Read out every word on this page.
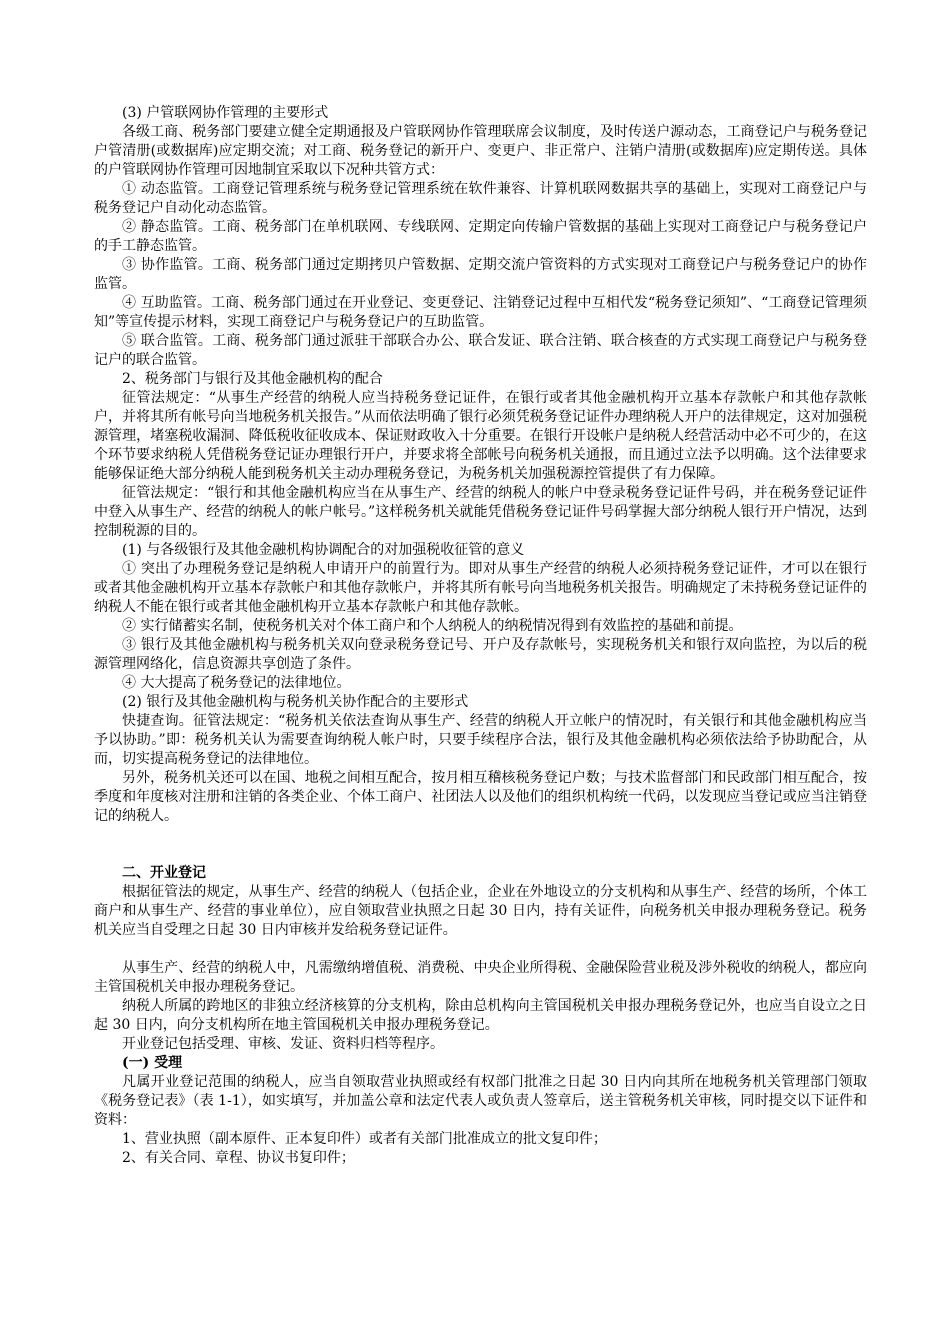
(3) 户管联网协作管理的主要形式

各级工商、税务部门要建立健全定期通报及户管联网协作管理联席会议制度，及时传送户源动态，工商登记户与税务登记户管清册(或数据库)应定期交流；对工商、税务登记的新开户、变更户、非正常户、注销户清册(或数据库)应定期传送。具体的户管联网协作管理可因地制宜采取以下况种共管方式：

① 动态监管。工商登记管理系统与税务登记管理系统在软件兼容、计算机联网数据共享的基础上，实现对工商登记户与税务登记户自动化动态监管。

② 静态监管。工商、税务部门在单机联网、专线联网、定期定向传输户管数据的基础上实现对工商登记户与税务登记户的手工静态监管。

③ 协作监管。工商、税务部门通过定期拷贝户管数据、定期交流户管资料的方式实现对工商登记户与税务登记户的协作监管。

④ 互助监管。工商、税务部门通过在开业登记、变更登记、注销登记过程中互相代发“税务登记须知”、“工商登记管理须知”等宣传提示材料，实现工商登记户与税务登记户的互助监管。

⑤ 联合监管。工商、税务部门通过派驻干部联合办公、联合发证、联合注销、联合核查的方式实现工商登记户与税务登记户的联合监管。

2、税务部门与银行及其他金融机构的配合

征管法规定：“从事生产经营的纳税人应当持税务登记证件，在银行或者其他金融机构开立基本存款帐户和其他存款帐户，并将其所有帐号向当地税务机关报告。”从而依法明确了银行必须凭税务登记证件办理纳税人开户的法律规定，这对加强税源管理，堵塞税收漏洞、降低税收征收成本、保证财政收入十分重要。在银行开设帐户是纳税人经营活动中必不可少的，在这个环节要求纳税人凭借税务登记证办理银行开户，并要求将全部帐号向税务机关通报，而且通过立法予以明确。这个法律要求能够保证绝大部分纳税人能到税务机关主动办理税务登记，为税务机关加强税源控管提供了有力保障。

征管法规定：“银行和其他金融机构应当在从事生产、经营的纳税人的帐户中登录税务登记证件号码，并在税务登记证件中登入从事生产、经营的纳税人的帐户帐号。”这样税务机关就能凭借税务登记证件号码掌握大部分纳税人银行开户情况，达到控制税源的目的。

(1) 与各级银行及其他金融机构协调配合的对加强税收征管的意义

① 突出了办理税务登记是纳税人申请开户的前置行为。即对从事生产经营的纳税人必须持税务登记证件，才可以在银行或者其他金融机构开立基本存款帐户和其他存款帐户，并将其所有帐号向当地税务机关报告。明确规定了未持税务登记证件的纳税人不能在银行或者其他金融机构开立基本存款帐户和其他存款帐。

② 实行储蓄实名制，使税务机关对个体工商户和个人纳税人的纳税情况得到有效监控的基础和前提。

③ 银行及其他金融机构与税务机关双向登录税务登记号、开户及存款帐号，实现税务机关和银行双向监控，为以后的税源管理网络化，信息资源共享创造了条件。

④ 大大提高了税务登记的法律地位。

(2) 银行及其他金融机构与税务机关协作配合的主要形式

快捷查询。征管法规定：“税务机关依法查询从事生产、经营的纳税人开立帐户的情况时，有关银行和其他金融机构应当予以协助。”即：税务机关认为需要查询纳税人帐户时，只要手续程序合法，银行及其他金融机构必须依法给予协助配合，从而，切实提高税务登记的法律地位。

另外，税务机关还可以在国、地税之间相互配合，按月相互稽核税务登记户数；与技术监督部门和民政部门相互配合，按季度和年度核对注册和注销的各类企业、个体工商户、社团法人以及他们的组织机构统一代码，以发现应当登记或应当注销登记的纳税人。

二、开业登记

根据征管法的规定，从事生产、经营的纳税人（包括企业，企业在外地设立的分支机构和从事生产、经营的场所，个体工商户和从事生产、经营的事业单位），应自领取营业执照之日起 30 日内，持有关证件，向税务机关申报办理税务登记。税务机关应当自受理之日起 30 日内审核并发给税务登记证件。

从事生产、经营的纳税人中，凡需缴纳增值税、消费税、中央企业所得税、金融保险营业税及涉外税收的纳税人，都应向主管国税机关申报办理税务登记。

纳税人所属的跨地区的非独立经济核算的分支机构，除由总机构向主管国税机关申报办理税务登记外，也应当自设立之日起 30 日内，向分支机构所在地主管国税机关申报办理税务登记。

开业登记包括受理、审核、发证、资料归档等程序。

(一) 受理

凡属开业登记范围的纳税人，应当自领取营业执照或经有权部门批准之日起 30 日内向其所在地税务机关管理部门领取《税务登记表》（表 1-1），如实填写，并加盖公章和法定代表人或负责人签章后，送主管税务机关审核，同时提交以下证件和资料：

1、营业执照（副本原件、正本复印件）或者有关部门批准成立的批文复印件；

2、有关合同、章程、协议书复印件；
